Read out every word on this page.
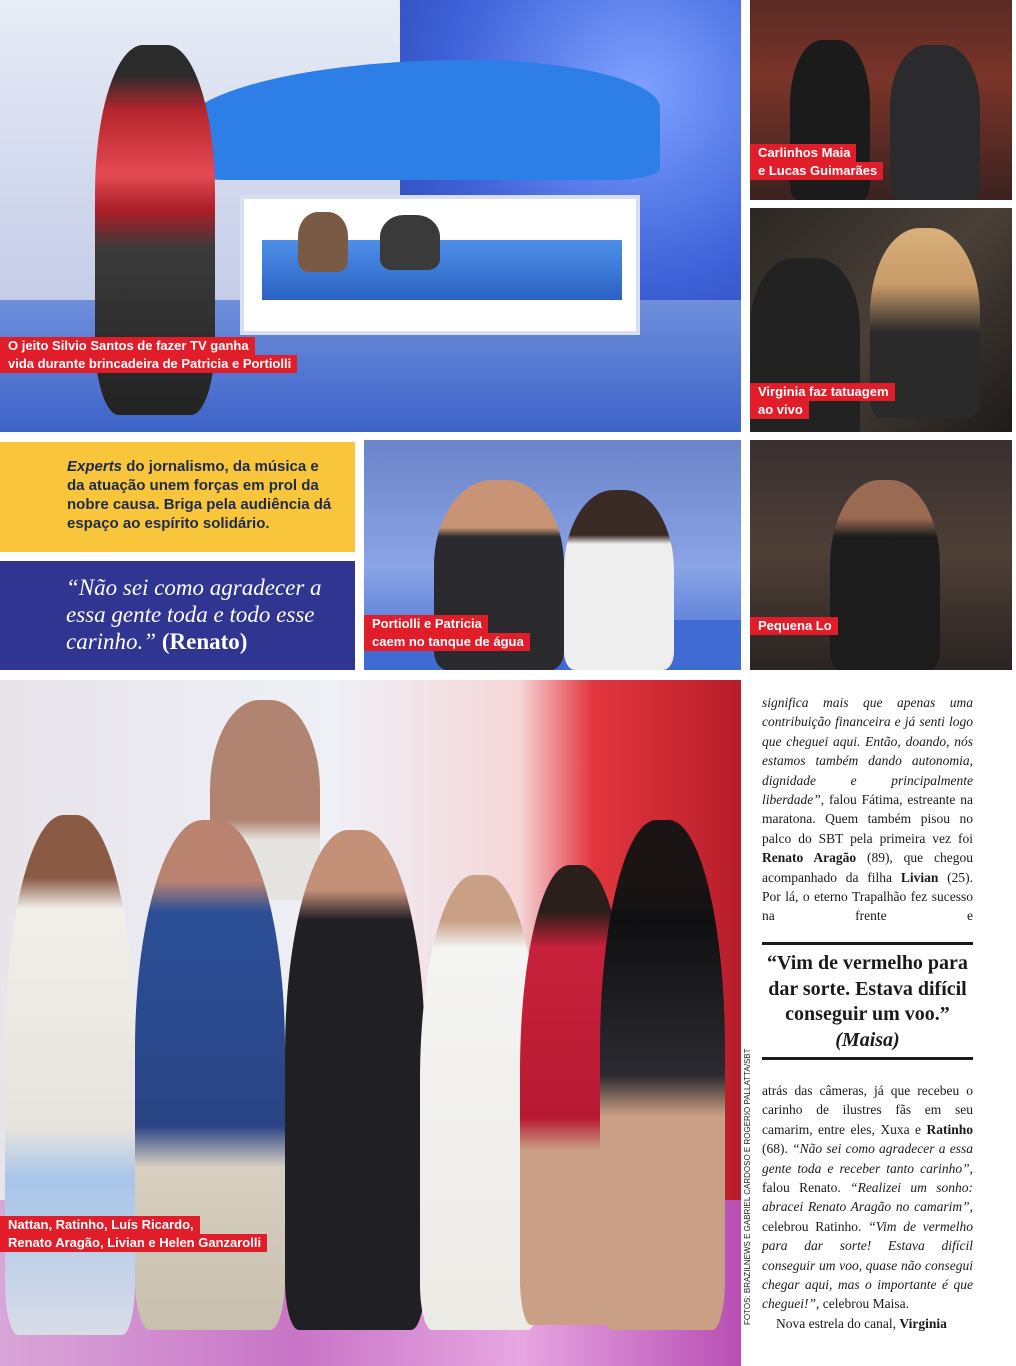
O jeito Silvio Santos de fazer TV ganha
vida durante brincadeira de Patricia e Portiolli
Carlinhos Maia
e Lucas Guimarães
Virginia faz tatuagem
ao vivo

Experts do jornalismo, da música e da atuação unem forças em prol da nobre causa. Briga pela audiência dá espaço ao espírito solidário.

“Não sei como agradecer a essa gente toda e todo esse carinho.” (Renato)

Portiolli e Patricia
caem no tanque de água
Pequena Lo
Nattan, Ratinho, Luís Ricardo,
Renato Aragão, Livian e Helen Ganzarolli	FOTOS: BRAZILNEWS E GABRIEL CARDOSO E ROGERIO PALLATTA/SBT

significa mais que apenas uma contribuição financeira e já senti logo que cheguei aqui. Então, doando, nós estamos também dando autonomia, dignidade e principalmente liberdade”, falou Fátima, estreante na maratona. Quem também pisou no palco do SBT pela primeira vez foi Renato Aragão (89), que chegou acompanhado da filha Livian (25). Por lá, o eterno Trapalhão fez sucesso na frente e

“Vim de vermelho para dar sorte. Estava difícil conseguir um voo.” (Maisa)

atrás das câmeras, já que recebeu o carinho de ilustres fãs em seu camarim, entre eles, Xuxa e Ratinho (68). “Não sei como agradecer a essa gente toda e receber tanto carinho”, falou Renato. “Realizei um sonho: abracei Renato Aragão no camarim”, celebrou Ratinho. “Vim de vermelho para dar sorte! Estava difícil conseguir um voo, quase não consegui chegar aqui, mas o importante é que cheguei!”, celebrou Maisa.

Nova estrela do canal, Virginia
